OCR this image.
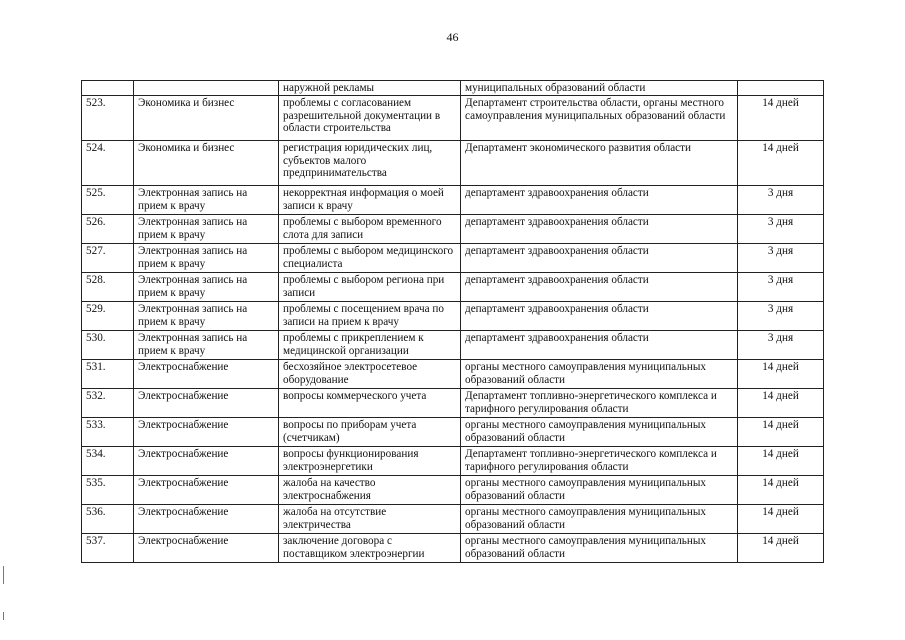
46
		наружной рекламы	муниципальных образований области	
523.	Экономика и бизнес	проблемы с согласованием разрешительной документации в области строительства	Департамент строительства области, органы местного самоуправления муниципальных образований области	14 дней
524.	Экономика и бизнес	регистрация юридических лиц, субъектов малого предпринимательства	Департамент экономического развития области	14 дней
525.	Электронная запись на прием к врачу	некорректная информация о моей записи к врачу	департамент здравоохранения области	3 дня
526.	Электронная запись на прием к врачу	проблемы с выбором временного слота для записи	департамент здравоохранения области	3 дня
527.	Электронная запись на прием к врачу	проблемы с выбором медицинского специалиста	департамент здравоохранения области	3 дня
528.	Электронная запись на прием к врачу	проблемы с выбором региона при записи	департамент здравоохранения области	3 дня
529.	Электронная запись на прием к врачу	проблемы с посещением врача по записи на прием к врачу	департамент здравоохранения области	3 дня
530.	Электронная запись на прием к врачу	проблемы с прикреплением к медицинской организации	департамент здравоохранения области	3 дня
531.	Электроснабжение	бесхозяйное электросетевое оборудование	органы местного самоуправления муниципальных образований области	14 дней
532.	Электроснабжение	вопросы коммерческого учета	Департамент топливно-энергетического комплекса и тарифного регулирования области	14 дней
533.	Электроснабжение	вопросы по приборам учета (счетчикам)	органы местного самоуправления муниципальных образований области	14 дней
534.	Электроснабжение	вопросы функционирования электроэнергетики	Департамент топливно-энергетического комплекса и тарифного регулирования области	14 дней
535.	Электроснабжение	жалоба на качество электроснабжения	органы местного самоуправления муниципальных образований области	14 дней
536.	Электроснабжение	жалоба на отсутствие электричества	органы местного самоуправления муниципальных образований области	14 дней
537.	Электроснабжение	заключение договора с поставщиком электроэнергии	органы местного самоуправления муниципальных образований области	14 дней
